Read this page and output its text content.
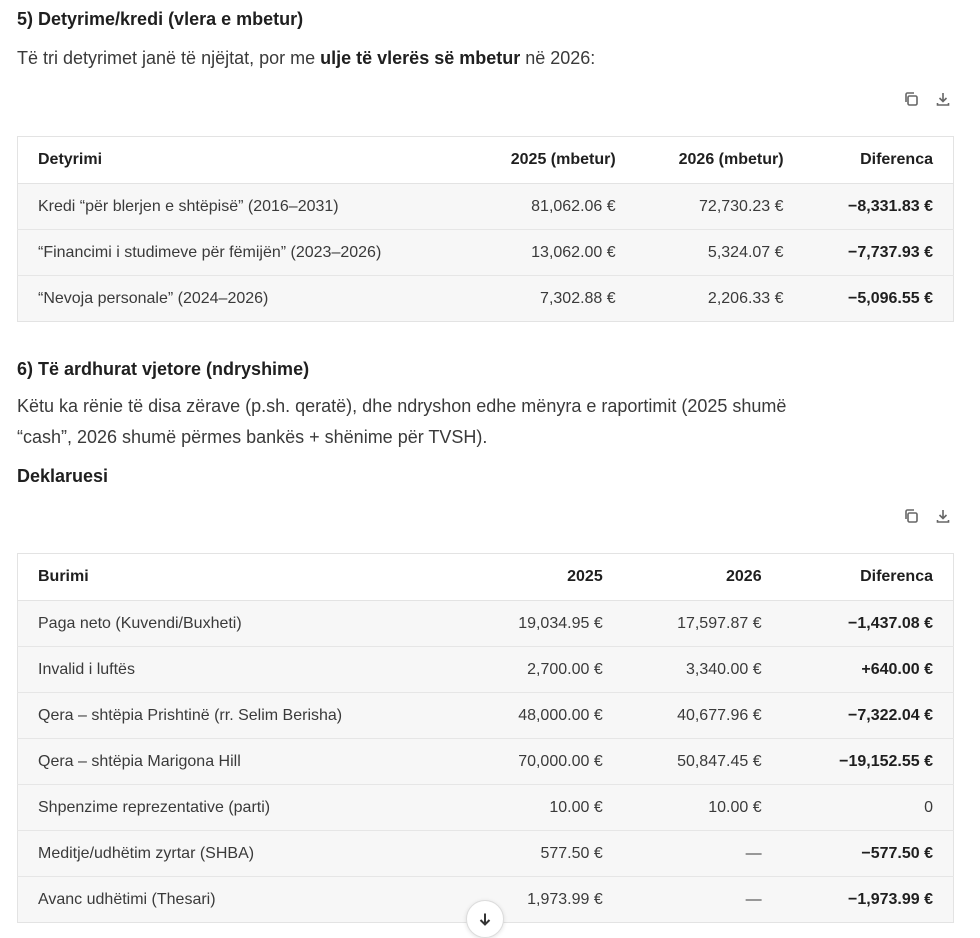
5) Detyrime/kredi (vlera e mbetur)

Të tri detyrimet janë të njëjtat, por me ulje të vlerës së mbetur në 2026:

Detyrimi	2025 (mbetur)	2026 (mbetur)	Diferenca
Kredi “për blerjen e shtëpisë” (2016–2031)	81,062.06 €	72,730.23 €	−8,331.83 €
“Financimi i studimeve për fëmijën” (2023–2026)	13,062.00 €	5,324.07 €	−7,737.93 €
“Nevoja personale” (2024–2026)	7,302.88 €	2,206.33 €	−5,096.55 €
6) Të ardhurat vjetore (ndryshime)

Këtu ka rënie të disa zërave (p.sh. qeratë), dhe ndryshon edhe mënyra e raportimit (2025 shumë

“cash”, 2026 shumë përmes bankës + shënime për TVSH).

Deklaruesi
Burimi	2025	2026	Diferenca
Paga neto (Kuvendi/Buxheti)	19,034.95 €	17,597.87 €	−1,437.08 €
Invalid i luftës	2,700.00 €	3,340.00 €	+640.00 €
Qera – shtëpia Prishtinë (rr. Selim Berisha)	48,000.00 €	40,677.96 €	−7,322.04 €
Qera – shtëpia Marigona Hill	70,000.00 €	50,847.45 €	−19,152.55 €
Shpenzime reprezentative (parti)	10.00 €	10.00 €	0
Meditje/udhëtim zyrtar (SHBA)	577.50 €	—	−577.50 €
Avanc udhëtimi (Thesari)	1,973.99 €	—	−1,973.99 €
